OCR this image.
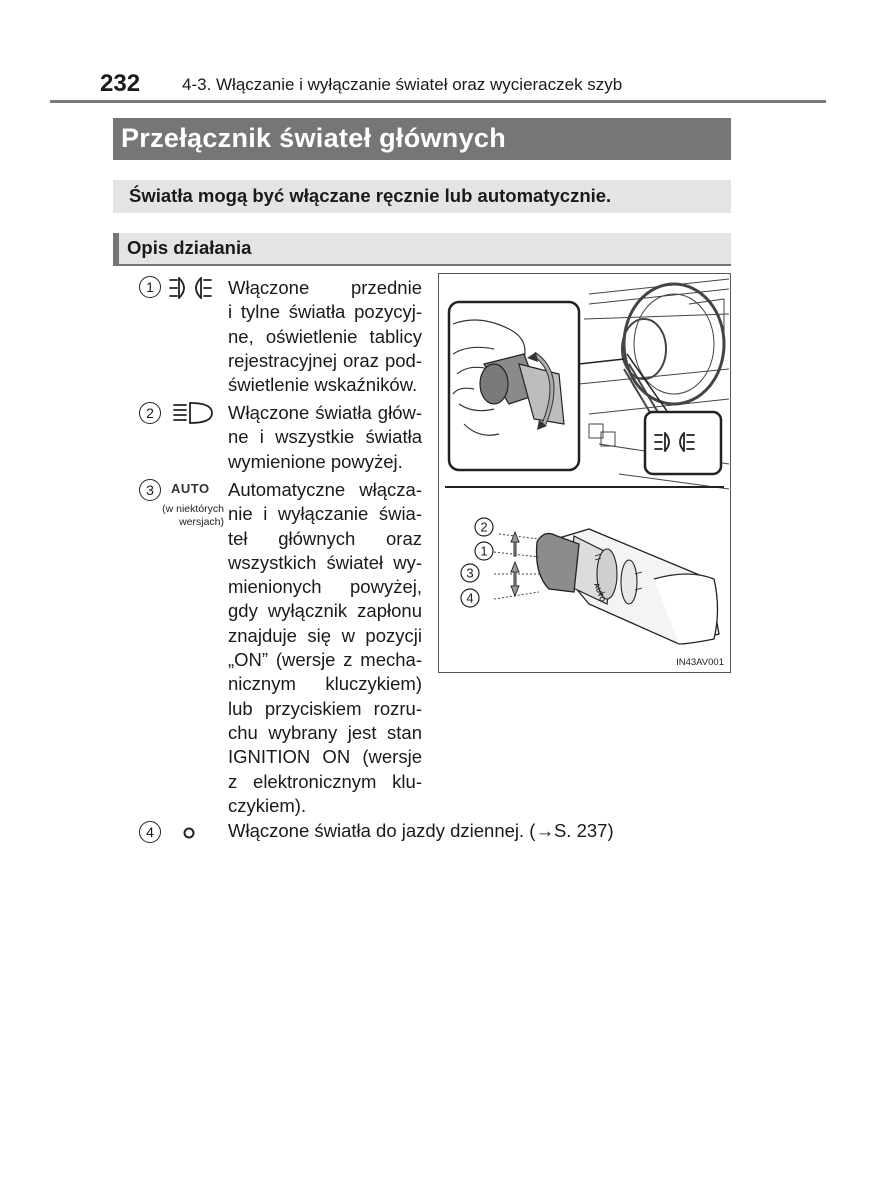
232 4-3. Włączanie i wyłączanie świateł oraz wycieraczek szyb
Przełącznik świateł głównych
Światła mogą być włączane ręcznie lub automatycznie.
Opis działania
1	Włączone przednie
i tylne światła pozycyj-
ne, oświetlenie tablicy
rejestracyjnej oraz pod-
świetlenie wskaźników.
2	Włączone światła głów-
ne i wszystkie światła
wymienione powyżej.
3	AUTO
(w niektórych wersjach)
Automatyczne włącza-
nie i wyłączanie świa-
teł głównych oraz
wszystkich świateł wy-
mienionych powyżej,
gdy wyłącznik zapłonu
znajduje się w pozycji
„ON” (wersje z mecha-
nicznym kluczykiem)
lub przyciskiem rozru-
chu wybrany jest stan
IGNITION ON (wersje
z elektronicznym klu-
czykiem).
4	Włączone światła do jazdy dziennej. (→S. 237)
AUTO
2
1
3
4
IN43AV001
